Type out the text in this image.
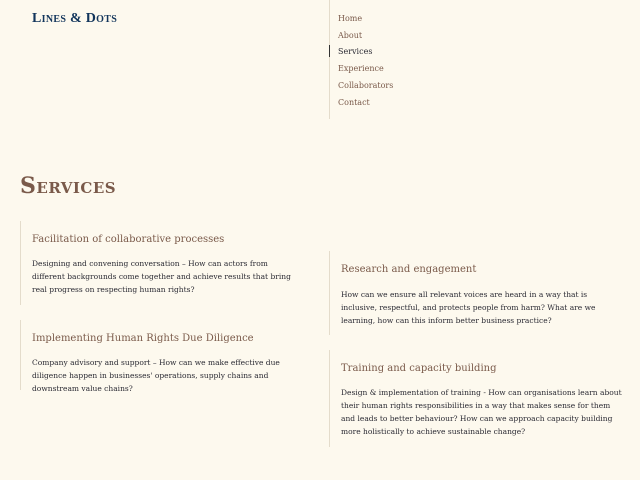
Lines & Dots	Home
About
Services
Experience
Collaborators
Contact
Services
Facilitation of collaborative processes

Designing and convening conversation – How can actors from different backgrounds come together and achieve results that bring real progress on respecting human rights?

Implementing Human Rights Due Diligence

Company advisory and support – How can we make effective due diligence happen in businesses' operations, supply chains and downstream value chains?

Research and engagement

How can we ensure all relevant voices are heard in a way that is inclusive, respectful, and protects people from harm? What are we learning, how can this inform better business practice?

Training and capacity building

Design & implementation of training - How can organisations learn about their human rights responsibilities in a way that makes sense for them and leads to better behaviour? How can we approach capacity building more holistically to achieve sustainable change?
